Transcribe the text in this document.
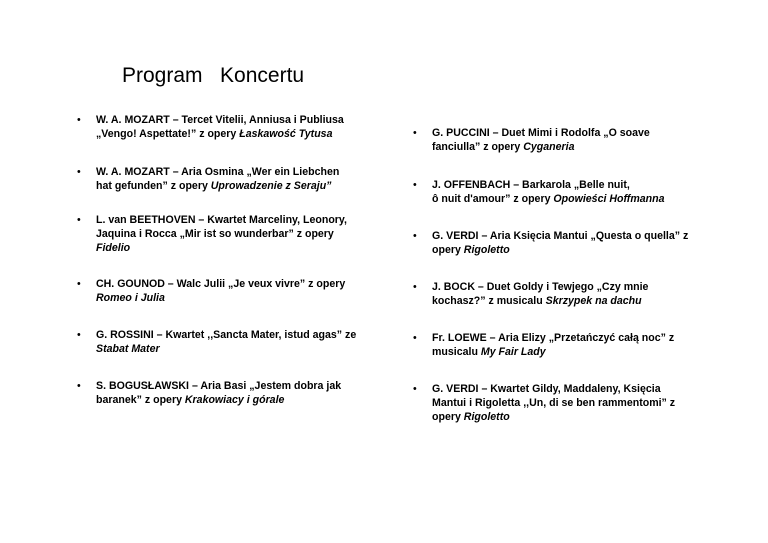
Program   Koncertu
• W. A. MOZART – Tercet Vitelii, Anniusa i Publiusa
„Vengo! Aspettate!” z opery Łaskawość Tytusa
• W. A. MOZART – Aria Osmina „Wer ein Liebchen
hat gefunden” z opery Uprowadzenie z Seraju”
• L. van BEETHOVEN – Kwartet Marceliny, Leonory,
Jaquina i Rocca „Mir ist so wunderbar” z opery
Fidelio
• CH. GOUNOD – Walc Julii „Je veux vivre” z opery
Romeo i Julia
• G. ROSSINI – Kwartet ,,Sancta Mater, istud agas” ze
Stabat Mater
• S. BOGUSŁAWSKI – Aria Basi „Jestem dobra jak
baranek” z opery Krakowiacy i górale
• G. PUCCINI – Duet Mimi i Rodolfa „O soave
fanciulla” z opery Cyganeria
• J. OFFENBACH – Barkarola „Belle nuit,
ô nuit d'amour” z opery Opowieści Hoffmanna
• G. VERDI – Aria Księcia Mantui „Questa o quella” z
opery Rigoletto
• J. BOCK – Duet Goldy i Tewjego „Czy mnie
kochasz?” z musicalu Skrzypek na dachu
• Fr. LOEWE – Aria Elizy „Przetańczyć całą noc” z
musicalu My Fair Lady
• G. VERDI – Kwartet Gildy, Maddaleny, Księcia
Mantui i Rigoletta ,,Un, di se ben rammentomi” z
opery Rigoletto
